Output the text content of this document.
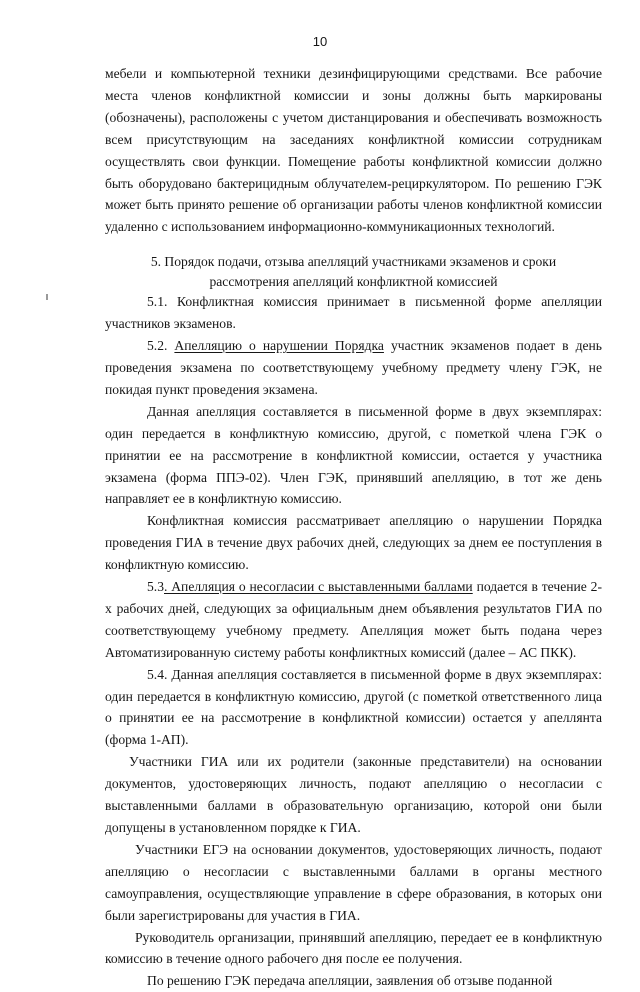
10

мебели и компьютерной техники дезинфицирующими средствами. Все рабочие места членов конфликтной комиссии и зоны должны быть маркированы (обозначены), расположены с учетом дистанцирования и обеспечивать возможность всем присутствующим на заседаниях конфликтной комиссии сотрудникам осуществлять свои функции. Помещение работы конфликтной комиссии должно быть оборудовано бактерицидным облучателем-рециркулятором. По решению ГЭК может быть принято решение об организации работы членов конфликтной комиссии удаленно с использованием информационно-коммуникационных технологий.

5. Порядок подачи, отзыва апелляций участниками экзаменов и сроки рассмотрения апелляций конфликтной комиссией

5.1. Конфликтная комиссия принимает в письменной форме апелляции участников экзаменов.

5.2. Апелляцию о нарушении Порядка участник экзаменов подает в день проведения экзамена по соответствующему учебному предмету члену ГЭК, не покидая пункт проведения экзамена.

Данная апелляция составляется в письменной форме в двух экземплярах: один передается в конфликтную комиссию, другой, с пометкой члена ГЭК о принятии ее на рассмотрение в конфликтной комиссии, остается у участника экзамена (форма ППЭ-02). Член ГЭК, принявший апелляцию, в тот же день направляет ее в конфликтную комиссию.

Конфликтная комиссия рассматривает апелляцию о нарушении Порядка проведения ГИА в течение двух рабочих дней, следующих за днем ее поступления в конфликтную комиссию.

5.3. Апелляция о несогласии с выставленными баллами подается в течение 2-х рабочих дней, следующих за официальным днем объявления результатов ГИА по соответствующему учебному предмету. Апелляция может быть подана через Автоматизированную систему работы конфликтных комиссий (далее – АС ПКК).

5.4. Данная апелляция составляется в письменной форме в двух экземплярах: один передается в конфликтную комиссию, другой (с пометкой ответственного лица о принятии ее на рассмотрение в конфликтной комиссии) остается у апеллянта (форма 1-АП).

Участники ГИА или их родители (законные представители) на основании документов, удостоверяющих личность, подают апелляцию о несогласии с выставленными баллами в образовательную организацию, которой они были допущены в установленном порядке к ГИА.

Участники ЕГЭ на основании документов, удостоверяющих личность, подают апелляцию о несогласии с выставленными баллами в органы местного самоуправления, осуществляющие управление в сфере образования, в которых они были зарегистрированы для участия в ГИА.

Руководитель организации, принявший апелляцию, передает ее в конфликтную комиссию в течение одного рабочего дня после ее получения.

По решению ГЭК передача апелляции, заявления об отзыве поданной
